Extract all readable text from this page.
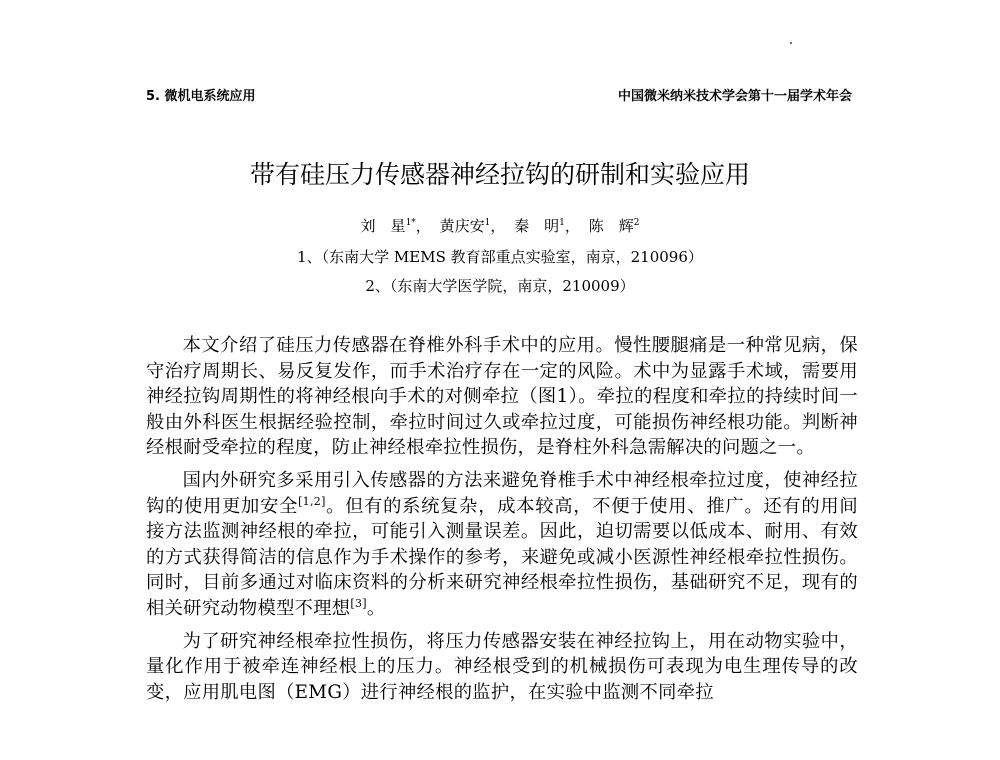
5. 微机电系统应用	中国微米纳米技术学会第十一届学术年会
带有硅压力传感器神经拉钩的研制和实验应用
刘　星$^{1*}$， 黄庆安$^1$， 秦　明$^1$， 陈　辉$^2$
1、（东南大学 MEMS 教育部重点实验室，南京，210096）
2、（东南大学医学院，南京，210009）

本文介绍了硅压力传感器在脊椎外科手术中的应用。慢性腰腿痛是一种常见病，保守治疗周期长、易反复发作，而手术治疗存在一定的风险。术中为显露手术域，需要用神经拉钩周期性的将神经根向手术的对侧牵拉（图1）。牵拉的程度和牵拉的持续时间一般由外科医生根据经验控制，牵拉时间过久或牵拉过度，可能损伤神经根功能。判断神经根耐受牵拉的程度，防止神经根牵拉性损伤，是脊柱外科急需解决的问题之一。

国内外研究多采用引入传感器的方法来避免脊椎手术中神经根牵拉过度，使神经拉钩的使用更加安全[1,2]。但有的系统复杂，成本较高，不便于使用、推广。还有的用间接方法监测神经根的牵拉，可能引入测量误差。因此，迫切需要以低成本、耐用、有效的方式获得简洁的信息作为手术操作的参考，来避免或减小医源性神经根牵拉性损伤。同时，目前多通过对临床资料的分析来研究神经根牵拉性损伤，基础研究不足，现有的相关研究动物模型不理想[3]。

为了研究神经根牵拉性损伤，将压力传感器安装在神经拉钩上，用在动物实验中，量化作用于被牵连神经根上的压力。神经根受到的机械损伤可表现为电生理传导的改变，应用肌电图（EMG）进行神经根的监护，在实验中监测不同牵拉
